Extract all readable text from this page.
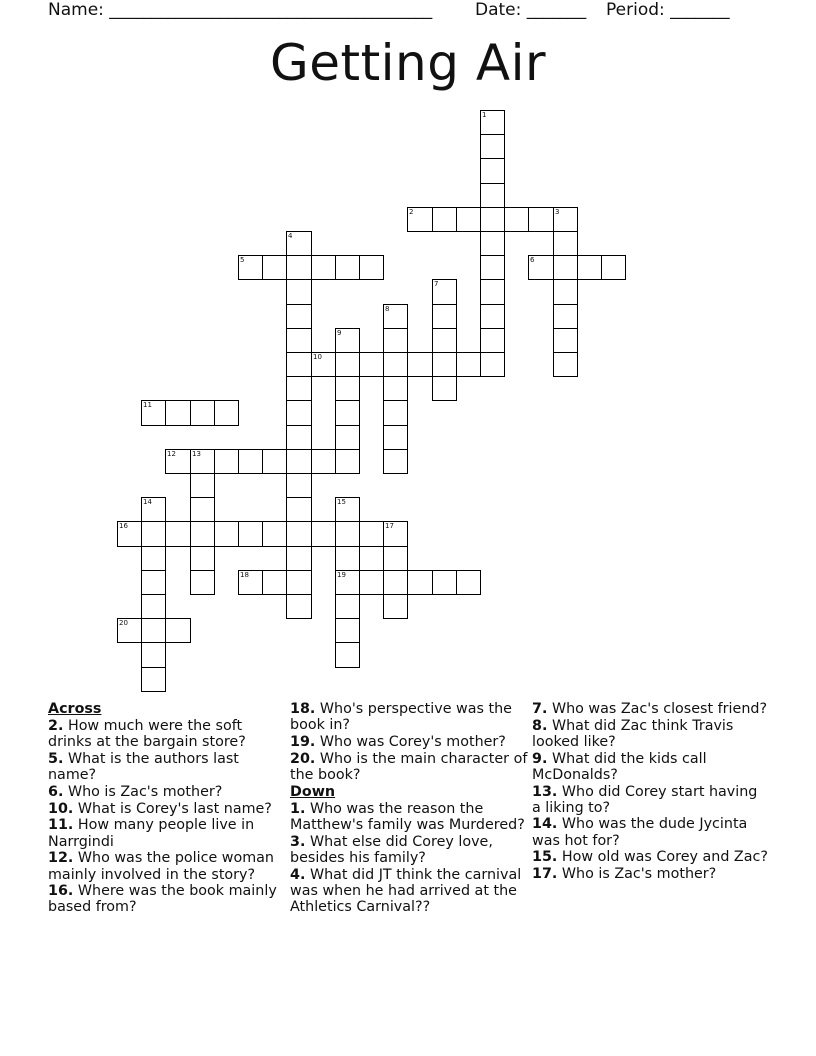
Name: ______________________________________	Date: _______ Period: _______
Getting Air
1
2	3
4
5	6
7
8
9
10
11
12 13
14	15
19
16	17
18
20
Across
2. How much were the soft drinks at the bargain store?
5. What is the authors last name?
6. Who is Zac's mother?
10. What is Corey's last name?
11. How many people live in Narrgindi
12. Who was the police woman mainly involved in the story?
16. Where was the book mainly based from?
18. Who's perspective was the book in?
19. Who was Corey's mother?
20. Who is the main character of the book?
Down
1. Who was the reason the Matthew's family was Murdered?
3. What else did Corey love, besides his family?
4. What did JT think the carnival was when he had arrived at the Athletics Carnival??
7. Who was Zac's closest friend?
8. What did Zac think Travis looked like?
9. What did the kids call McDonalds?
13. Who did Corey start having a liking to?
14. Who was the dude Jycinta was hot for?
15. How old was Corey and Zac?
17. Who is Zac's mother?
